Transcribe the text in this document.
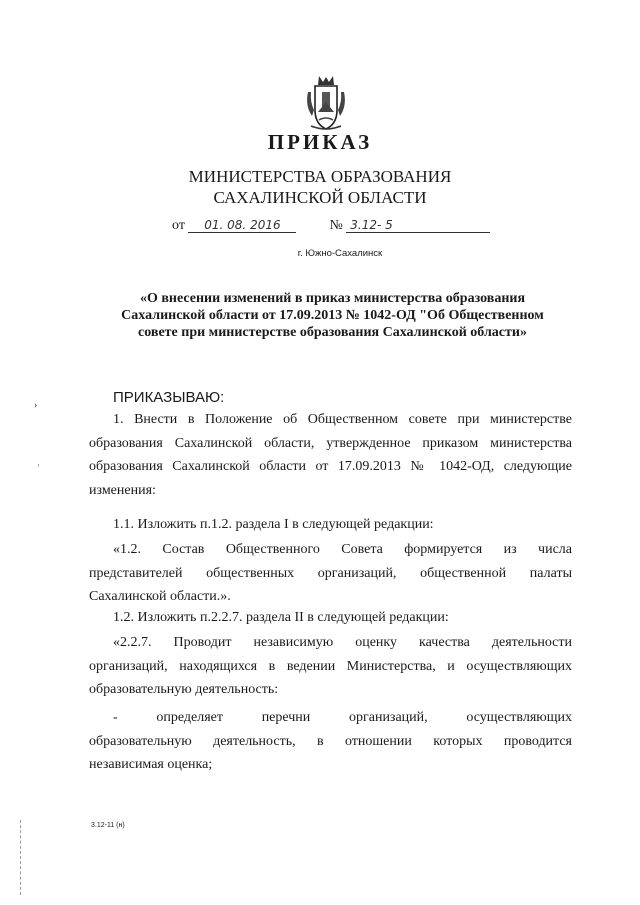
ПРИКАЗ
МИНИСТЕРСТВА ОБРАЗОВАНИЯ
САХАЛИНСКОЙ ОБЛАСТИ
от 01. 08. 2016	№ 3.12- 5
г. Южно-Сахалинск
«О внесении изменений в приказ министерства образования
Сахалинской области от 17.09.2013 № 1042-ОД "Об Общественном
совете при министерстве образования Сахалинской области»
ПРИКАЗЫВАЮ:
1. Внести в Положение об Общественном совете при министерстве
образования Сахалинской области, утвержденное приказом министерства
образования Сахалинской области от 17.09.2013 № 1042-ОД, следующие
изменения:
1.1. Изложить п.1.2. раздела I в следующей редакции:
«1.2. Состав Общественного Совета формируется из числа
представителей общественных организаций, общественной палаты
Сахалинской области.».
1.2. Изложить п.2.2.7. раздела II в следующей редакции:
«2.2.7. Проводит независимую оценку качества деятельности
организаций, находящихся в ведении Министерства, и осуществляющих
образовательную деятельность:
- определяет перечни организаций, осуществляющих
образовательную деятельность, в отношении которых проводится
независимая оценка;
3.12-11 (н)
›
'
